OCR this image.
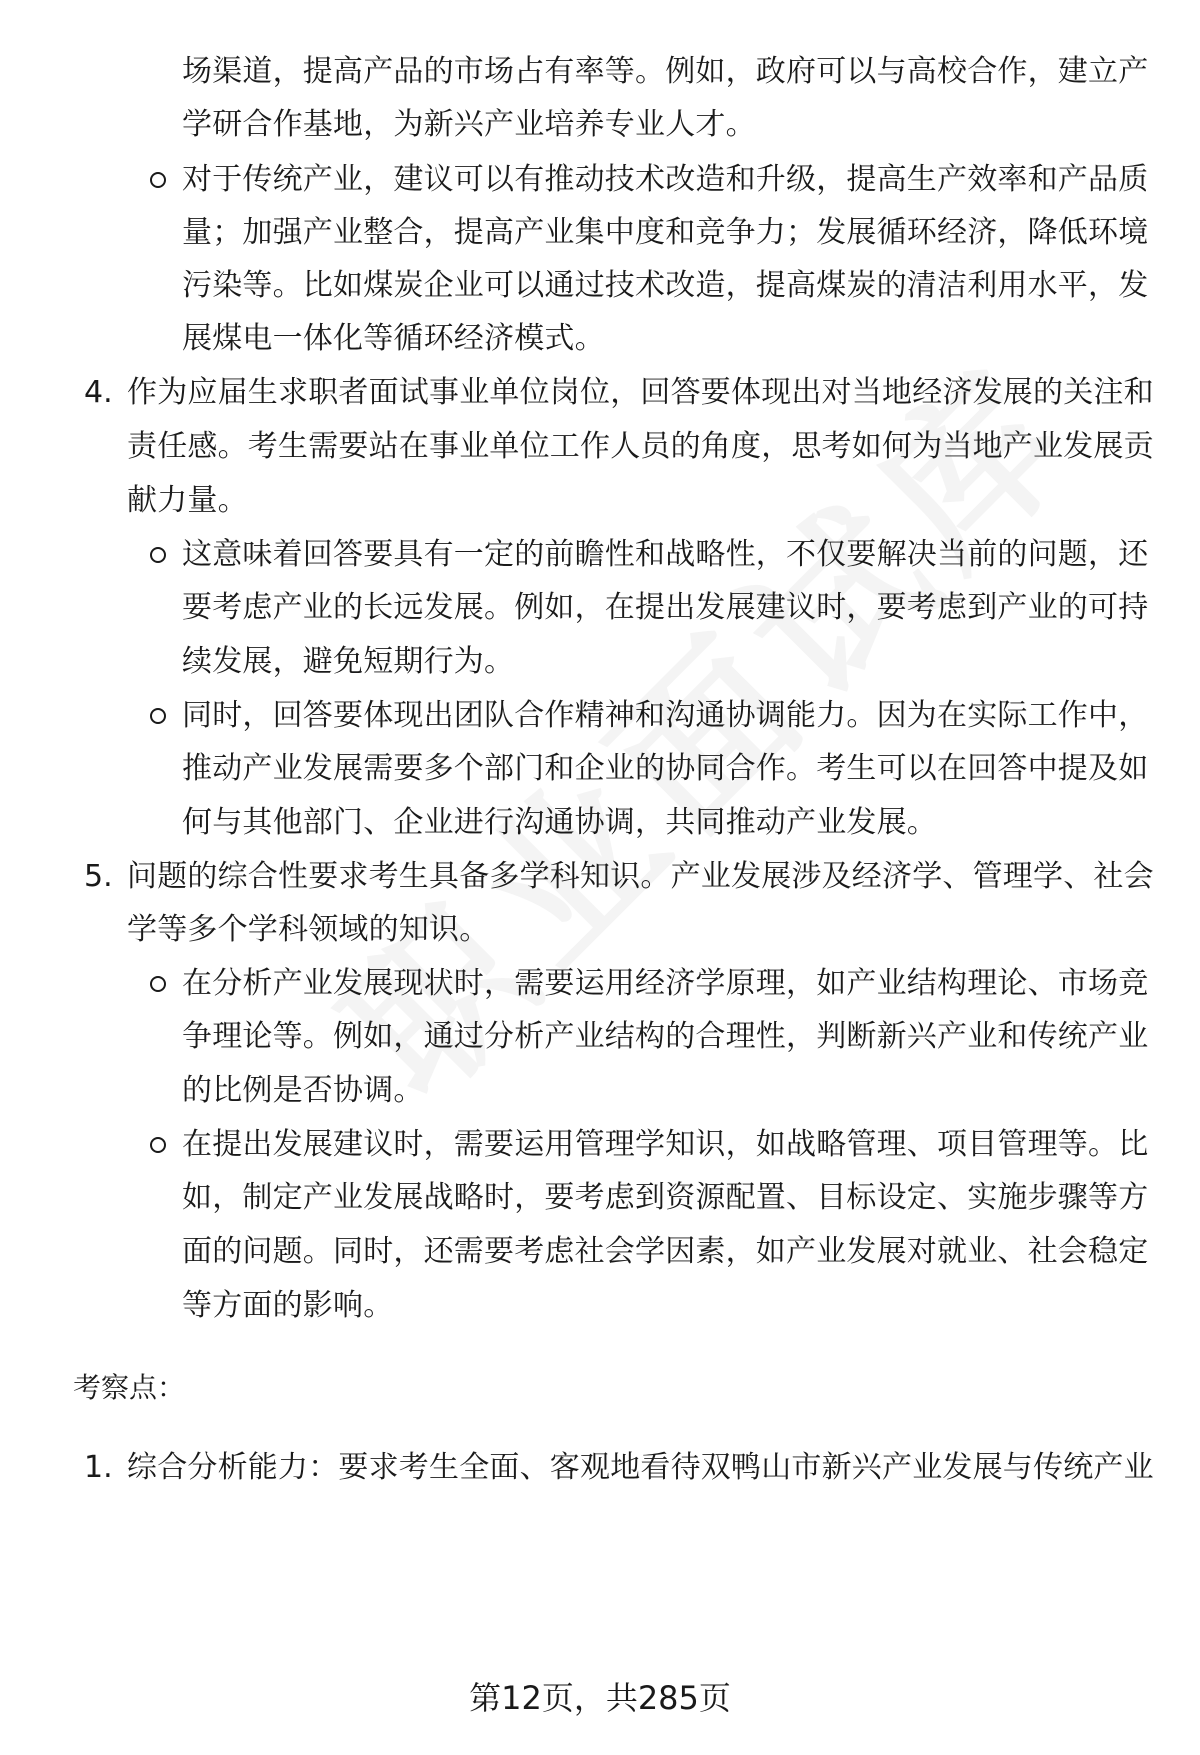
场渠道，提高产品的市场占有率等。例如，政府可以与高校合作，建立产
学研合作基地，为新兴产业培养专业人才。
对于传统产业，建议可以有推动技术改造和升级，提高生产效率和产品质
量；加强产业整合，提高产业集中度和竞争力；发展循环经济，降低环境
污染等。比如煤炭企业可以通过技术改造，提高煤炭的清洁利用水平，发
展煤电一体化等循环经济模式。
4. 作为应届生求职者面试事业单位岗位，回答要体现出对当地经济发展的关注和
责任感。考生需要站在事业单位工作人员的角度，思考如何为当地产业发展贡
献力量。
这意味着回答要具有一定的前瞻性和战略性，不仅要解决当前的问题，还
要考虑产业的长远发展。例如，在提出发展建议时，要考虑到产业的可持
续发展，避免短期行为。
同时，回答要体现出团队合作精神和沟通协调能力。因为在实际工作中，
推动产业发展需要多个部门和企业的协同合作。考生可以在回答中提及如
何与其他部门、企业进行沟通协调，共同推动产业发展。
5. 问题的综合性要求考生具备多学科知识。产业发展涉及经济学、管理学、社会
学等多个学科领域的知识。
在分析产业发展现状时，需要运用经济学原理，如产业结构理论、市场竞
争理论等。例如，通过分析产业结构的合理性，判断新兴产业和传统产业
的比例是否协调。
在提出发展建议时，需要运用管理学知识，如战略管理、项目管理等。比
如，制定产业发展战略时，要考虑到资源配置、目标设定、实施步骤等方
面的问题。同时，还需要考虑社会学因素，如产业发展对就业、社会稳定
等方面的影响。
考察点：
1. 综合分析能力：要求考生全面、客观地看待双鸭山市新兴产业发展与传统产业
第12页，共285页
